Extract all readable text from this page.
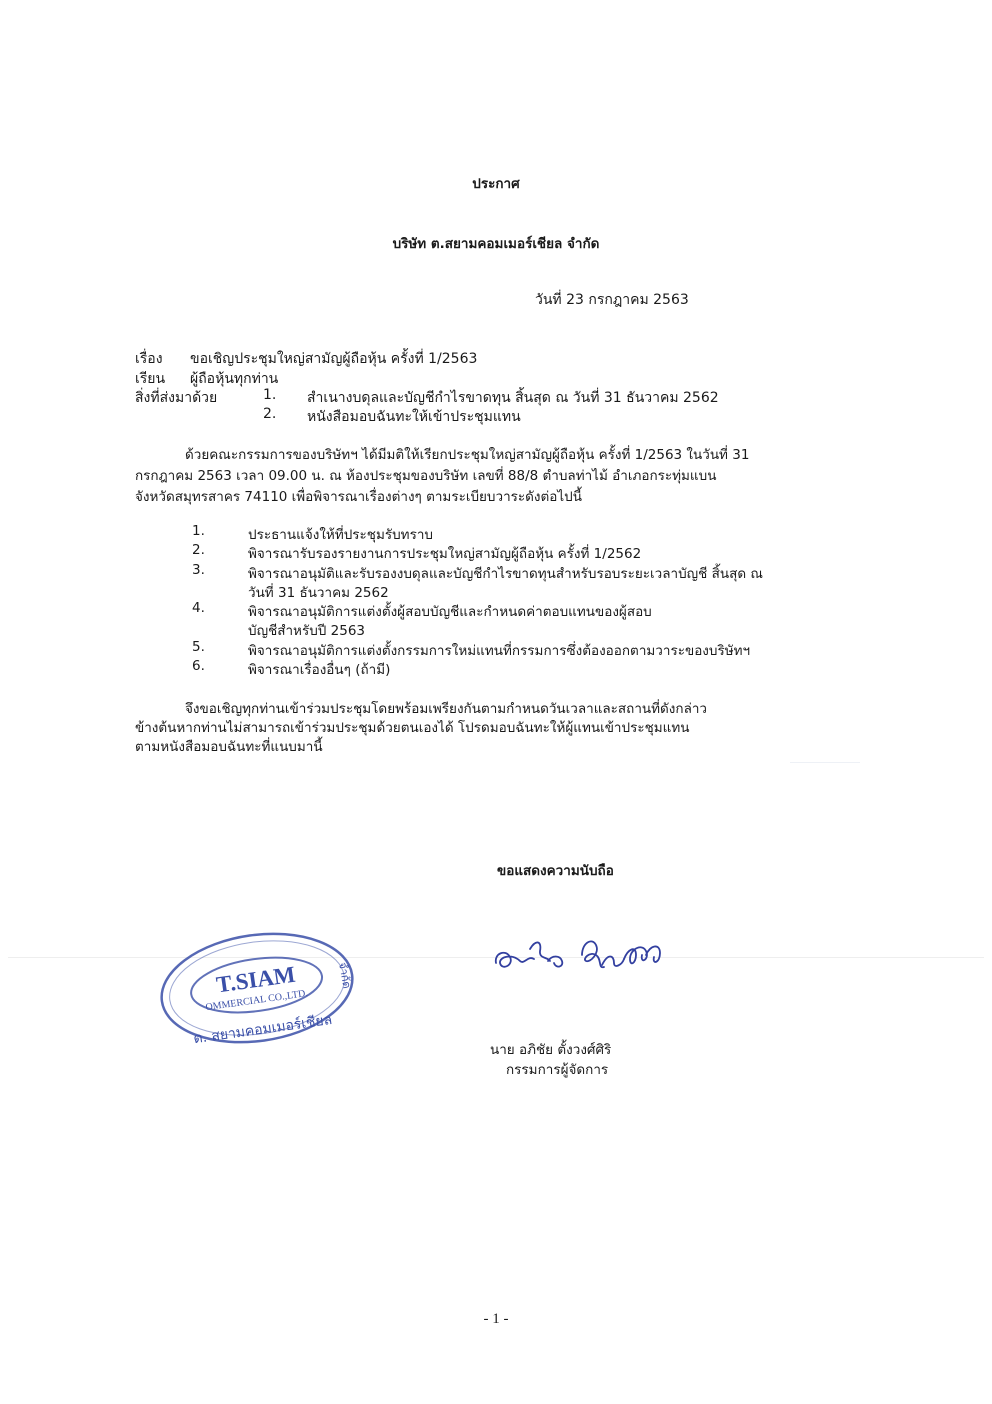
ประกาศ
บริษัท ต.สยามคอมเมอร์เชียล จำกัด
วันที่ 23 กรกฎาคม 2563
เรื่อง ขอเชิญประชุมใหญ่สามัญผู้ถือหุ้น ครั้งที่ 1/2563
เรียน ผู้ถือหุ้นทุกท่าน
สิ่งที่ส่งมาด้วย	1. สำเนางบดุลและบัญชีกำไรขาดทุน สิ้นสุด ณ วันที่ 31 ธันวาคม 2562
2. หนังสือมอบฉันทะให้เข้าประชุมแทน
ด้วยคณะกรรมการของบริษัทฯ ได้มีมติให้เรียกประชุมใหญ่สามัญผู้ถือหุ้น ครั้งที่ 1/2563 ในวันที่ 31
กรกฎาคม 2563 เวลา 09.00 น. ณ ห้องประชุมของบริษัท เลขที่ 88/8 ตำบลท่าไม้ อำเภอกระทุ่มแบน
จังหวัดสมุทรสาคร 74110 เพื่อพิจารณาเรื่องต่างๆ ตามระเบียบวาระดังต่อไปนี้
1.	ประธานแจ้งให้ที่ประชุมรับทราบ
2.	พิจารณารับรองรายงานการประชุมใหญ่สามัญผู้ถือหุ้น ครั้งที่ 1/2562
3.	พิจารณาอนุมัติและรับรองงบดุลและบัญชีกำไรขาดทุนสำหรับรอบระยะเวลาบัญชี สิ้นสุด ณ
วันที่ 31 ธันวาคม 2562
4.	พิจารณาอนุมัติการแต่งตั้งผู้สอบบัญชีและกำหนดค่าตอบแทนของผู้สอบ
บัญชีสำหรับปี 2563
5.	พิจารณาอนุมัติการแต่งตั้งกรรมการใหม่แทนที่กรรมการซึ่งต้องออกตามวาระของบริษัทฯ
6.	พิจารณาเรื่องอื่นๆ (ถ้ามี)
จึงขอเชิญทุกท่านเข้าร่วมประชุมโดยพร้อมเพรียงกันตามกำหนดวันเวลาและสถานที่ดังกล่าว
ข้างต้นหากท่านไม่สามารถเข้าร่วมประชุมด้วยตนเองได้ โปรดมอบฉันทะให้ผู้แทนเข้าประชุมแทน
ตามหนังสือมอบฉันทะที่แนบมานี้
ขอแสดงความนับถือ
T.SIAM
OMMERCIAL CO.,LTD.
ต. สยามคอมเมอร์เชียล
จำกัด
นาย อภิชัย ตั้งวงศ์ศิริ
กรรมการผู้จัดการ
- 1 -
